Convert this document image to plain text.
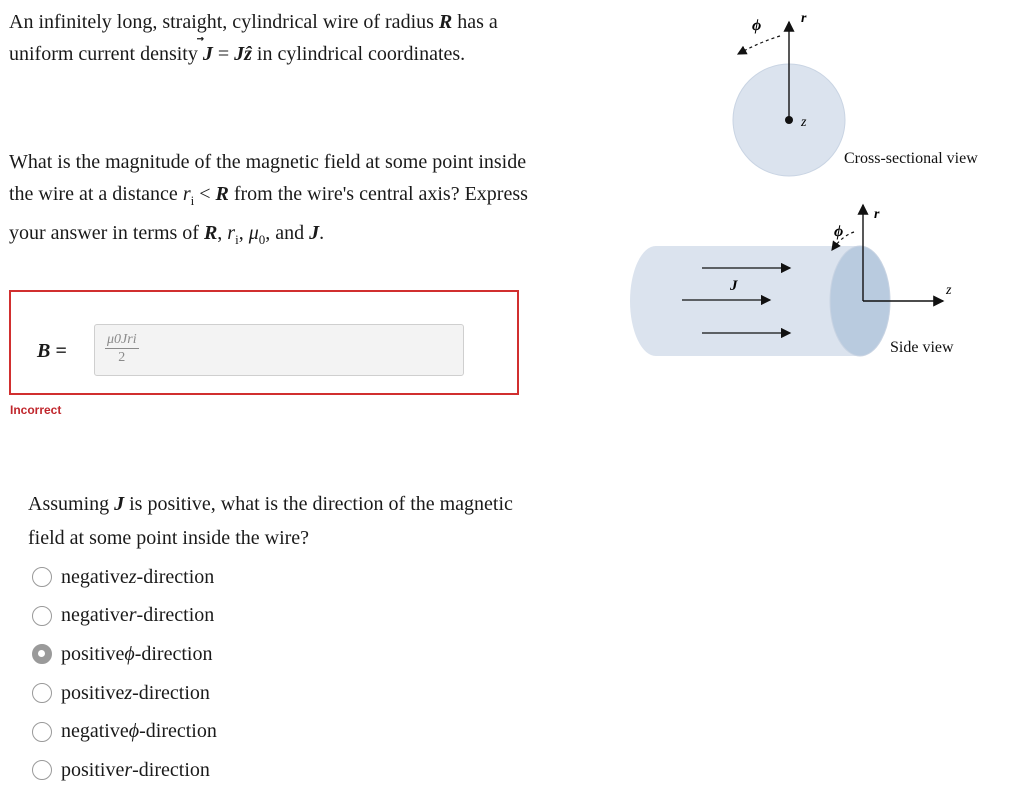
An infinitely long, straight, cylindrical wire of radius R has a uniform current density J
= Jẑ in cylindrical coordinates.

What is the magnitude of the magnetic field at some point inside the wire at a distance $r_i < R$ from the wire's central axis? Express your answer in terms of R, $r_i$, $\mu_0$, and J.

B =
μ0Jri
2
Incorrect

Assuming J is positive, what is the direction of the magnetic field at some point inside the wire?

negative z -direction
negative r -direction
positive ϕ -direction
positive z -direction
negative ϕ -direction
positive r -direction
ϕ	r
z
Cross-sectional view
J
ϕ
r
z
Side view
